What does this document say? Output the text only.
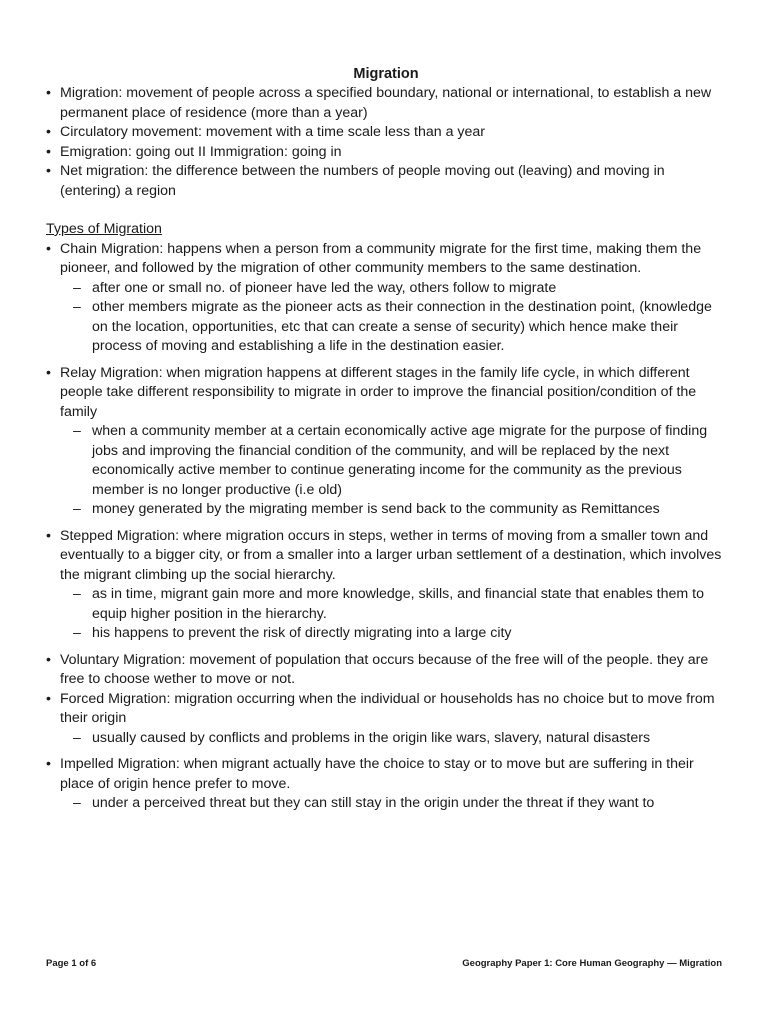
Migration

• Migration: movement of people across a specified boundary, national or international, to establish a new permanent place of residence (more than a year)
• Circulatory movement: movement with a time scale less than a year
• Emigration: going out II Immigration: going in
• Net migration: the difference between the numbers of people moving out (leaving) and moving in (entering) a region
Types of Migration
• Chain Migration: happens when a person from a community migrate for the first time, making them the pioneer, and followed by the migration of other community members to the same destination.
– after one or small no. of pioneer have led the way, others follow to migrate
– other members migrate as the pioneer acts as their connection in the destination point, (knowledge on the location, opportunities, etc that can create a sense of security) which hence make their process of moving and establishing a life in the destination easier.
• Relay Migration: when migration happens at different stages in the family life cycle, in which different people take different responsibility to migrate in order to improve the financial position/condition of the family
– when a community member at a certain economically active age migrate for the purpose of finding jobs and improving the financial condition of the community, and will be replaced by the next economically active member to continue generating income for the community as the previous member is no longer productive (i.e old)
– money generated by the migrating member is send back to the community as Remittances
• Stepped Migration: where migration occurs in steps, wether in terms of moving from a smaller town and eventually to a bigger city, or from a smaller into a larger urban settlement of a destination, which involves the migrant climbing up the social hierarchy.
– as in time, migrant gain more and more knowledge, skills, and financial state that enables them to equip higher position in the hierarchy.
– his happens to prevent the risk of directly migrating into a large city
• Voluntary Migration: movement of population that occurs because of the free will of the people. they are free to choose wether to move or not.
• Forced Migration: migration occurring when the individual or households has no choice but to move from their origin
– usually caused by conflicts and problems in the origin like wars, slavery, natural disasters
• Impelled Migration: when migrant actually have the choice to stay or to move but are suffering in their place of origin hence prefer to move.
– under a perceived threat but they can still stay in the origin under the threat if they want to
Page 1 of 6	Geography Paper 1: Core Human Geography — Migration
